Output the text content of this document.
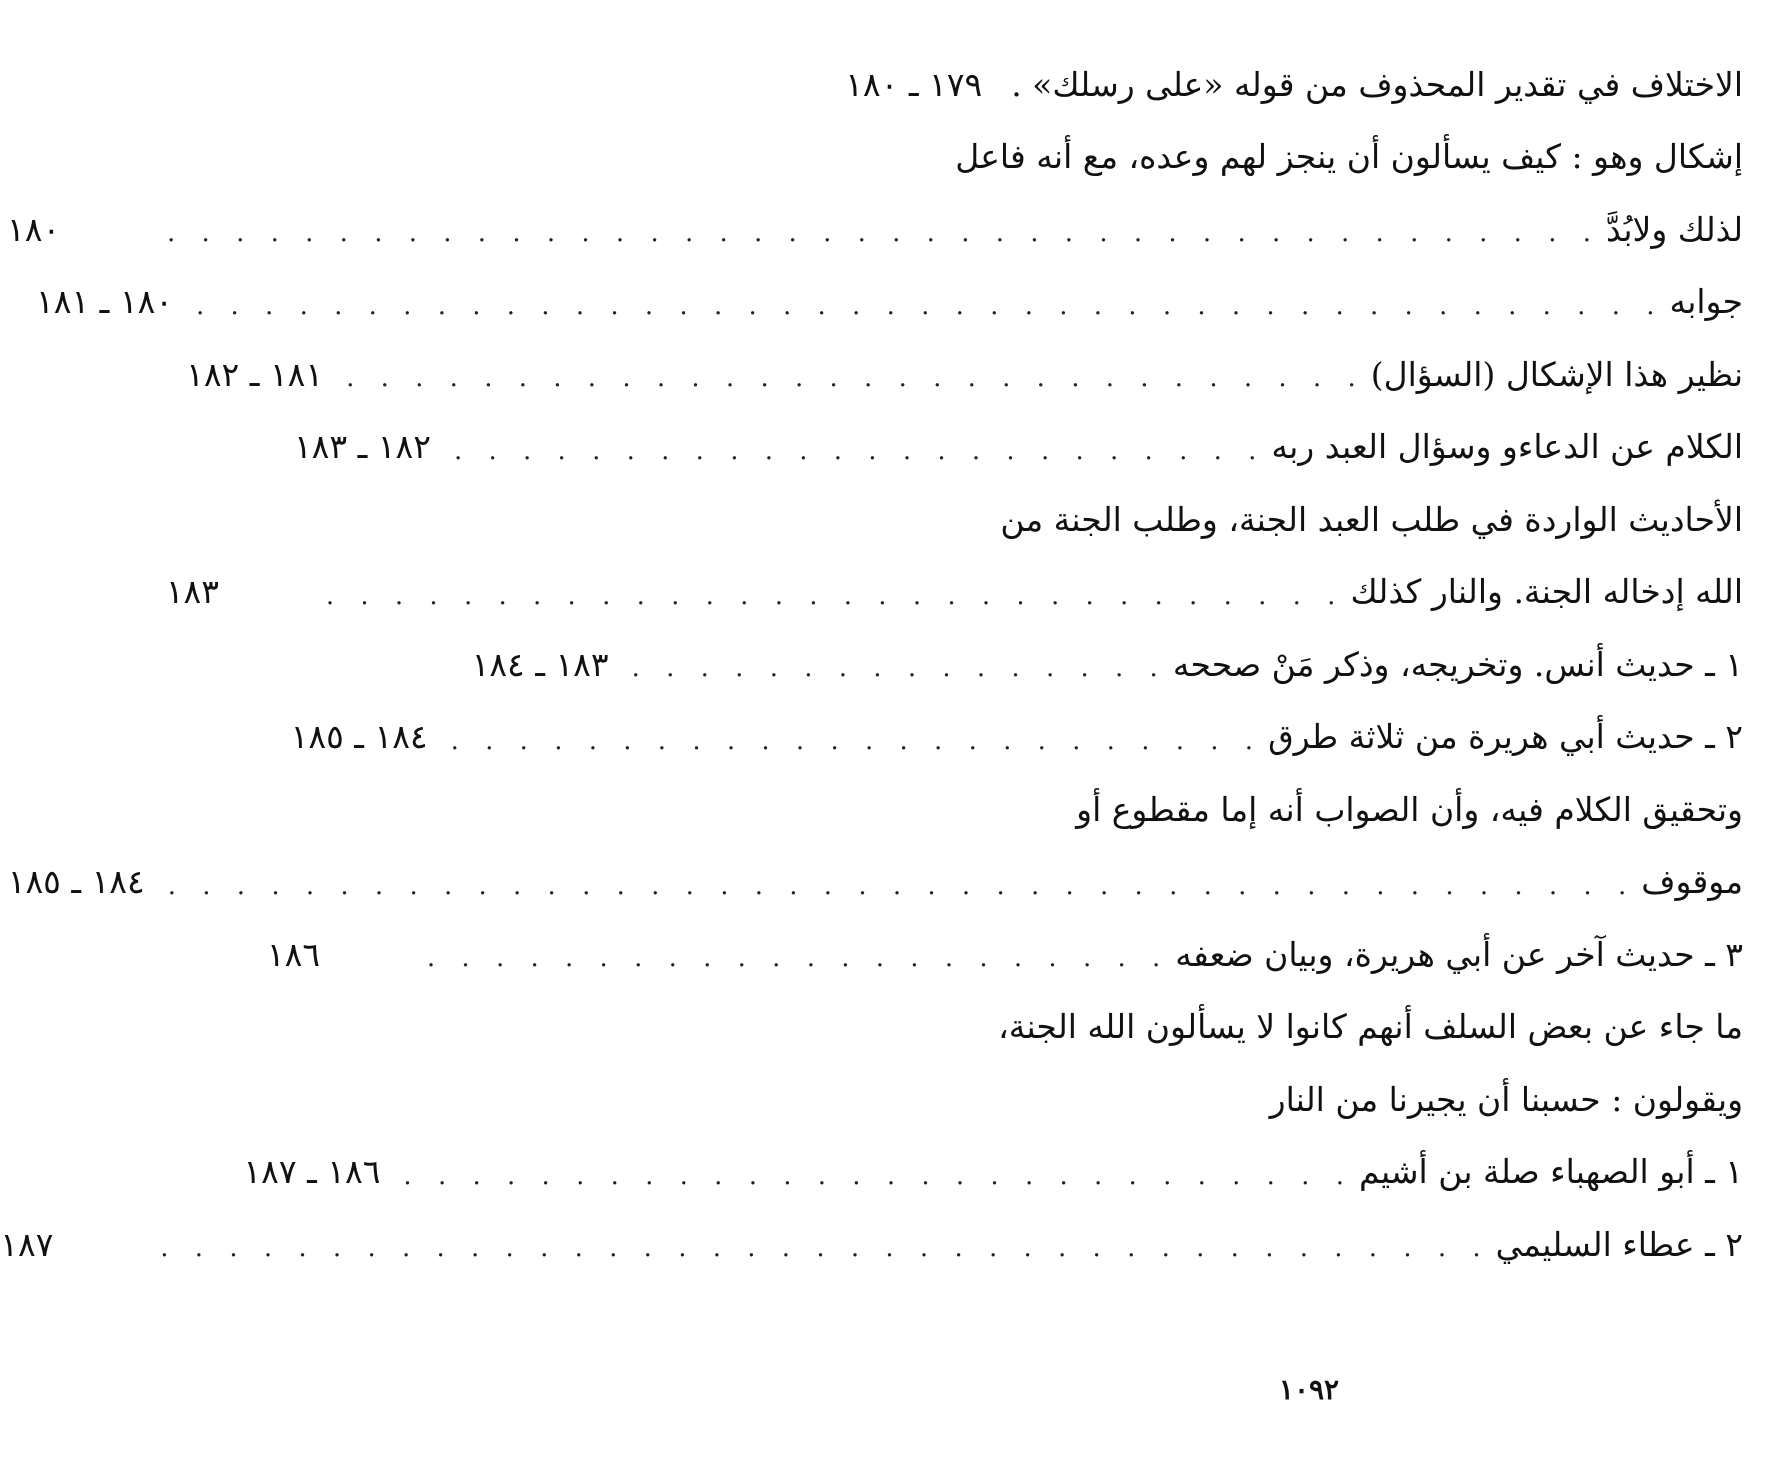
الاختلاف في تقدير المحذوف من قوله «على رسلك» .
١٧٩ ـ ١٨٠
إشكال وهو : كيف يسألون أن ينجز لهم وعده، مع أنه فاعل
لذلك ولابُدَّ
. . . . . . . . . . . . . . . . . . . . . . . . . . . . . . . . . . . . . . . . . .
١٨٠
جوابه
. . . . . . . . . . . . . . . . . . . . . . . . . . . . . . . . . . . . . . . . . . .
١٨٠ ـ ١٨١
نظير هذا الإشكال (السؤال)
. . . . . . . . . . . . . . . . . . . . . . . . . . . . . .
١٨١ ـ ١٨٢
الكلام عن الدعاءو وسؤال العبد ربه
. . . . . . . . . . . . . . . . . . . . . . . .
١٨٢ ـ ١٨٣
الأحاديث الواردة في طلب العبد الجنة، وطلب الجنة من
الله إدخاله الجنة. والنار كذلك
. . . . . . . . . . . . . . . . . . . . . . . . . . . . . .
١٨٣
١ ـ حديث أنس. وتخريجه، وذكر مَنْ صححه
. . . . . . . . . . . . . . . .
١٨٣ ـ ١٨٤
٢ ـ حديث أبي هريرة من ثلاثة طرق
. . . . . . . . . . . . . . . . . . . . . . . .
١٨٤ ـ ١٨٥
وتحقيق الكلام فيه، وأن الصواب أنه إما مقطوع أو
موقوف
. . . . . . . . . . . . . . . . . . . . . . . . . . . . . . . . . . . . . . . . . . .
١٨٤ ـ ١٨٥
٣ ـ حديث آخر عن أبي هريرة، وبيان ضعفه
. . . . . . . . . . . . . . . . . . . . . .
١٨٦
ما جاء عن بعض السلف أنهم كانوا لا يسألون الله الجنة،
ويقولون : حسبنا أن يجيرنا من النار
١ ـ أبو الصهباء صلة بن أشيم
. . . . . . . . . . . . . . . . . . . . . . . . . . . .
١٨٦ ـ ١٨٧
٢ ـ عطاء السليمي
. . . . . . . . . . . . . . . . . . . . . . . . . . . . . . . . . . . . . . .
١٨٧
١٠٩٢
